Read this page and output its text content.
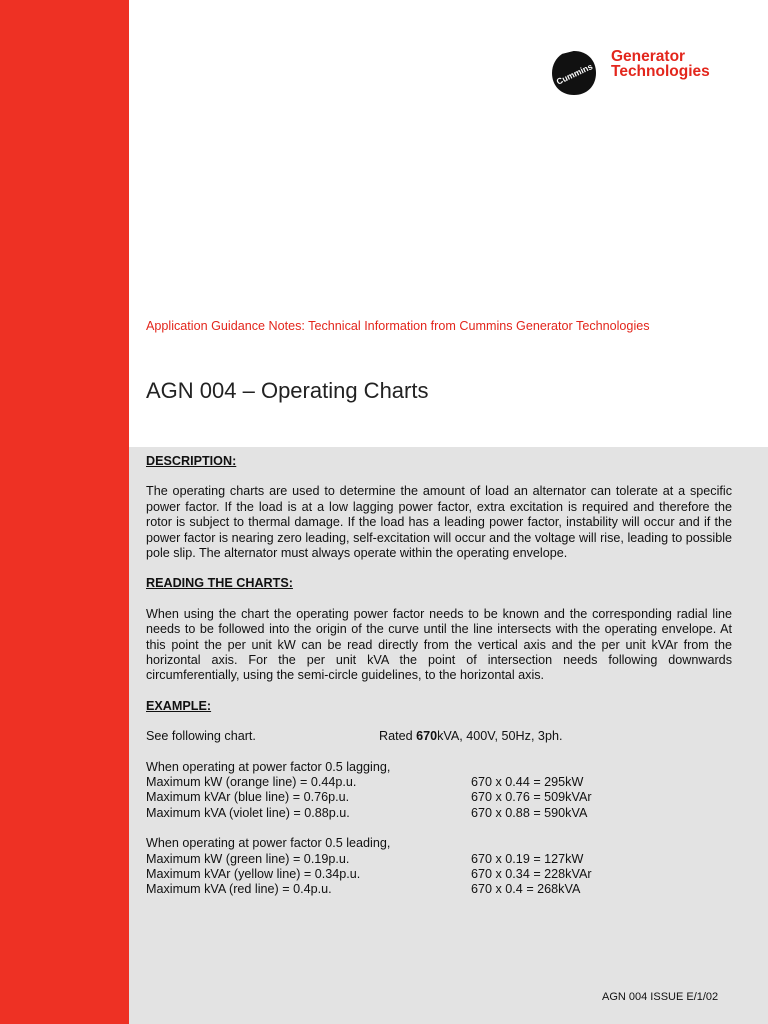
Cummins
Generator
Technologies
Application Guidance Notes: Technical Information from Cummins Generator Technologies
AGN 004 – Operating Charts
DESCRIPTION:
The operating charts are used to determine the amount of load an alternator can tolerate at a specific power factor. If the load is at a low lagging power factor, extra excitation is required and therefore the rotor is subject to thermal damage. If the load has a leading power factor, instability will occur and if the power factor is nearing zero leading, self-excitation will occur and the voltage will rise, leading to possible pole slip. The alternator must always operate within the operating envelope.
READING THE CHARTS:
When using the chart the operating power factor needs to be known and the corresponding radial line needs to be followed into the origin of the curve until the line intersects with the operating envelope. At this point the per unit kW can be read directly from the vertical axis and the per unit kVAr from the horizontal axis. For the per unit kVA the point of intersection needs following downwards circumferentially, using the semi-circle guidelines, to the horizontal axis.
EXAMPLE:
See following chart.	Rated 670kVA, 400V, 50Hz, 3ph.
When operating at power factor 0.5 lagging,
Maximum kW (orange line) = 0.44p.u.	670 x 0.44 = 295kW
Maximum kVAr (blue line) = 0.76p.u.	670 x 0.76 = 509kVAr
Maximum kVA (violet line) = 0.88p.u.	670 x 0.88 = 590kVA
When operating at power factor 0.5 leading,
Maximum kW (green line) = 0.19p.u.	670 x 0.19 = 127kW
Maximum kVAr (yellow line) = 0.34p.u.	670 x 0.34 = 228kVAr
Maximum kVA (red line) = 0.4p.u.	670 x 0.4 = 268kVA
AGN 004 ISSUE E/1/02
